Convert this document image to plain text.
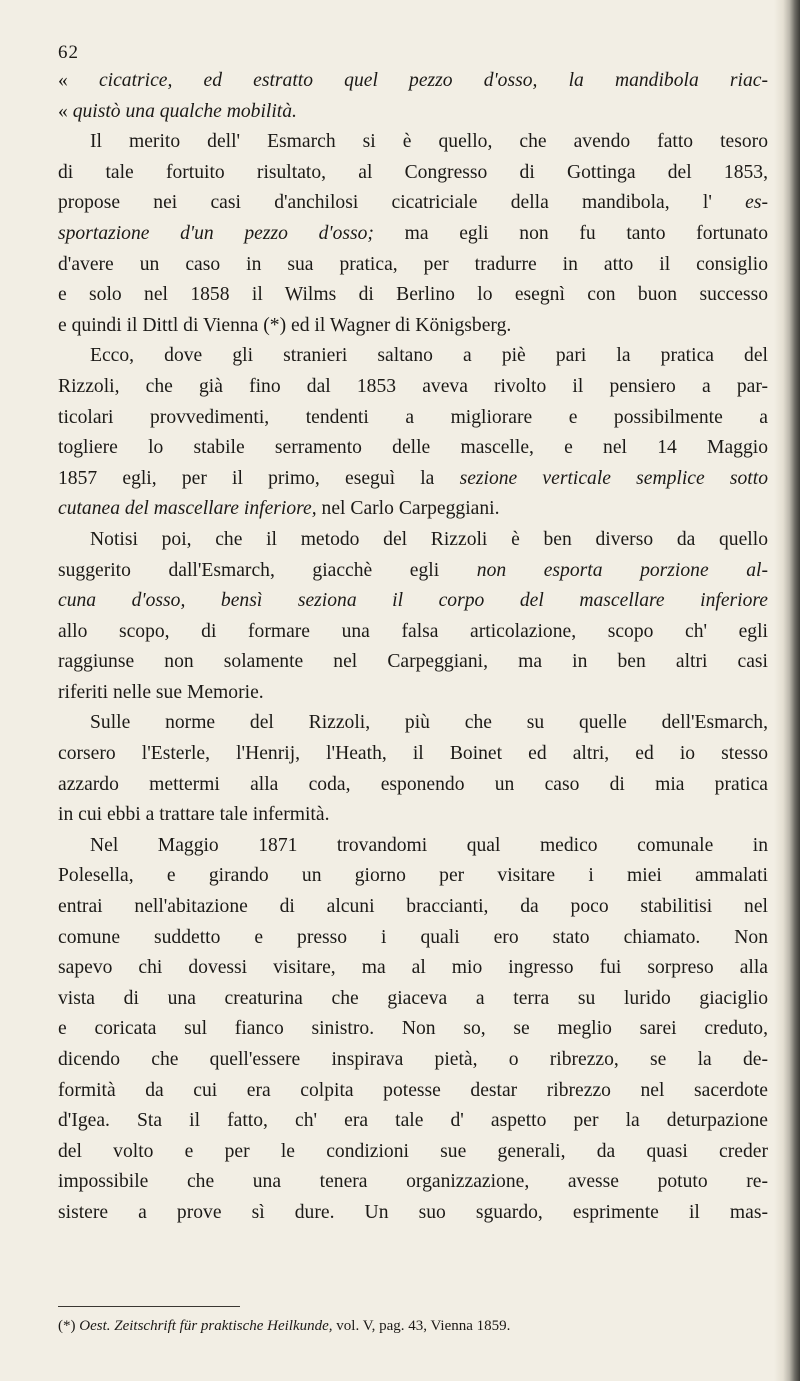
62
« cicatrice, ed estratto quel pezzo d'osso, la mandibola riac-
« quistò una qualche mobilità.
Il merito dell' Esmarch si è quello, che avendo fatto tesoro
di tale fortuito risultato, al Congresso di Gottinga del 1853,
propose nei casi d'anchilosi cicatriciale della mandibola, l' es-
sportazione d'un pezzo d'osso; ma egli non fu tanto fortunato
d'avere un caso in sua pratica, per tradurre in atto il consiglio
e solo nel 1858 il Wilms di Berlino lo esegnì con buon successo
e quindi il Dittl di Vienna (*) ed il Wagner di Königsberg.
Ecco, dove gli stranieri saltano a piè pari la pratica del
Rizzoli, che già fino dal 1853 aveva rivolto il pensiero a par-
ticolari provvedimenti, tendenti a migliorare e possibilmente a
togliere lo stabile serramento delle mascelle, e nel 14 Maggio
1857 egli, per il primo, eseguì la sezione verticale semplice sotto
cutanea del mascellare inferiore, nel Carlo Carpeggiani.
Notisi poi, che il metodo del Rizzoli è ben diverso da quello
suggerito dall'Esmarch, giacchè egli non esporta porzione al-
cuna d'osso, bensì seziona il corpo del mascellare inferiore
allo scopo, di formare una falsa articolazione, scopo ch' egli
raggiunse non solamente nel Carpeggiani, ma in ben altri casi
riferiti nelle sue Memorie.
Sulle norme del Rizzoli, più che su quelle dell'Esmarch,
corsero l'Esterle, l'Henrij, l'Heath, il Boinet ed altri, ed io stesso
azzardo mettermi alla coda, esponendo un caso di mia pratica
in cui ebbi a trattare tale infermità.
Nel Maggio 1871 trovandomi qual medico comunale in
Polesella, e girando un giorno per visitare i miei ammalati
entrai nell'abitazione di alcuni braccianti, da poco stabilitisi nel
comune suddetto e presso i quali ero stato chiamato. Non
sapevo chi dovessi visitare, ma al mio ingresso fui sorpreso alla
vista di una creaturina che giaceva a terra su lurido giaciglio
e coricata sul fianco sinistro. Non so, se meglio sarei creduto,
dicendo che quell'essere inspirava pietà, o ribrezzo, se la de-
formità da cui era colpita potesse destar ribrezzo nel sacerdote
d'Igea. Sta il fatto, ch' era tale d' aspetto per la deturpazione
del volto e per le condizioni sue generali, da quasi creder
impossibile che una tenera organizzazione, avesse potuto re-
sistere a prove sì dure. Un suo sguardo, esprimente il mas-
(*) Oest. Zeitschrift für praktische Heilkunde, vol. V, pag. 43, Vienna 1859.
